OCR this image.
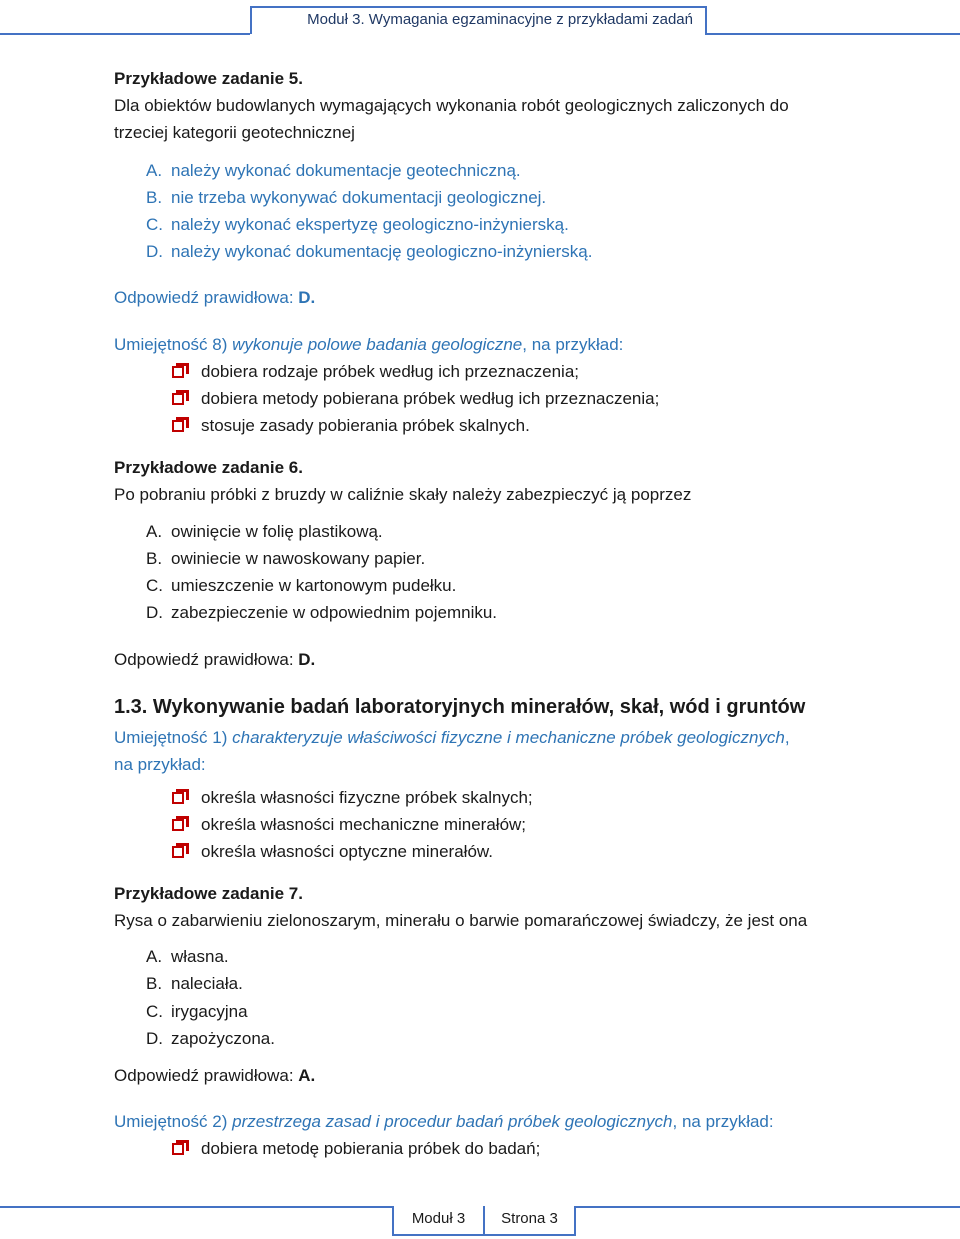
Moduł 3. Wymagania egzaminacyjne z przykładami zadań
Przykładowe zadanie 5.
Dla obiektów budowlanych wymagających wykonania robót geologicznych zaliczonych do
trzeciej kategorii geotechnicznej
A. należy wykonać dokumentacje geotechniczną.
B. nie trzeba wykonywać dokumentacji geologicznej.
C. należy wykonać ekspertyzę geologiczno-inżynierską.
D. należy wykonać dokumentację geologiczno-inżynierską.
Odpowiedź prawidłowa: D.
Umiejętność 8) wykonuje polowe badania geologiczne, na przykład:
dobiera rodzaje próbek według ich przeznaczenia;
dobiera metody pobierana próbek według ich przeznaczenia;
stosuje zasady pobierania próbek skalnych.
Przykładowe zadanie 6.
Po pobraniu próbki z bruzdy w caliźnie skały należy zabezpieczyć ją poprzez
A. owinięcie w folię plastikową.
B. owiniecie w nawoskowany papier.
C. umieszczenie w kartonowym pudełku.
D. zabezpieczenie w odpowiednim pojemniku.
Odpowiedź prawidłowa: D.
1.3. Wykonywanie badań laboratoryjnych minerałów, skał, wód i gruntów
Umiejętność 1) charakteryzuje właściwości fizyczne i mechaniczne próbek geologicznych,
na przykład:
określa własności fizyczne próbek skalnych;
określa własności mechaniczne minerałów;
określa własności optyczne minerałów.
Przykładowe zadanie 7.
Rysa o zabarwieniu zielonoszarym, minerału o barwie pomarańczowej świadczy, że jest ona
A. własna.
B. naleciała.
C. irygacyjna
D. zapożyczona.
Odpowiedź prawidłowa: A.
Umiejętność 2) przestrzega zasad i procedur badań próbek geologicznych, na przykład:
dobiera metodę pobierania próbek do badań;
Moduł 3	Strona 3
